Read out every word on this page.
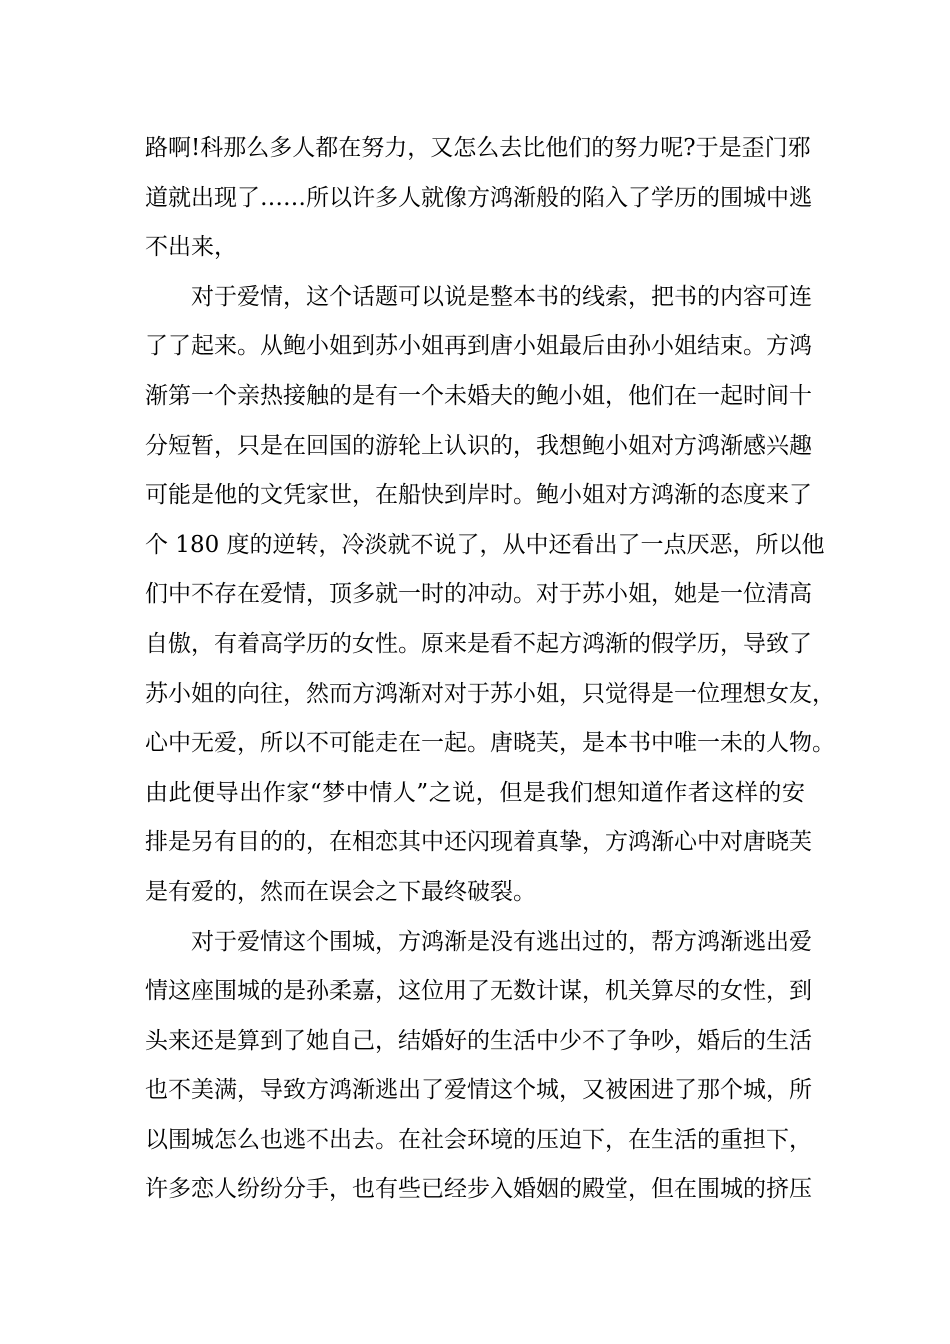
路啊!科那么多人都在努力，又怎么去比他们的努力呢?于是歪门邪
道就出现了……所以许多人就像方鸿渐般的陷入了学历的围城中逃
不出来，
对于爱情，这个话题可以说是整本书的线索，把书的内容可连
了了起来。从鲍小姐到苏小姐再到唐小姐最后由孙小姐结束。方鸿
渐第一个亲热接触的是有一个未婚夫的鲍小姐，他们在一起时间十
分短暂，只是在回国的游轮上认识的，我想鲍小姐对方鸿渐感兴趣
可能是他的文凭家世，在船快到岸时。鲍小姐对方鸿渐的态度来了
个 180 度的逆转，冷淡就不说了，从中还看出了一点厌恶，所以他
们中不存在爱情，顶多就一时的冲动。对于苏小姐，她是一位清高
自傲，有着高学历的女性。原来是看不起方鸿渐的假学历，导致了
苏小姐的向往，然而方鸿渐对对于苏小姐，只觉得是一位理想女友，
心中无爱，所以不可能走在一起。唐晓芙，是本书中唯一未的人物。
由此便导出作家“梦中情人”之说，但是我们想知道作者这样的安
排是另有目的的，在相恋其中还闪现着真挚，方鸿渐心中对唐晓芙
是有爱的，然而在误会之下最终破裂。
对于爱情这个围城，方鸿渐是没有逃出过的，帮方鸿渐逃出爱
情这座围城的是孙柔嘉，这位用了无数计谋，机关算尽的女性，到
头来还是算到了她自己，结婚好的生活中少不了争吵，婚后的生活
也不美满，导致方鸿渐逃出了爱情这个城，又被困进了那个城，所
以围城怎么也逃不出去。在社会环境的压迫下，在生活的重担下，
许多恋人纷纷分手，也有些已经步入婚姻的殿堂，但在围城的挤压
